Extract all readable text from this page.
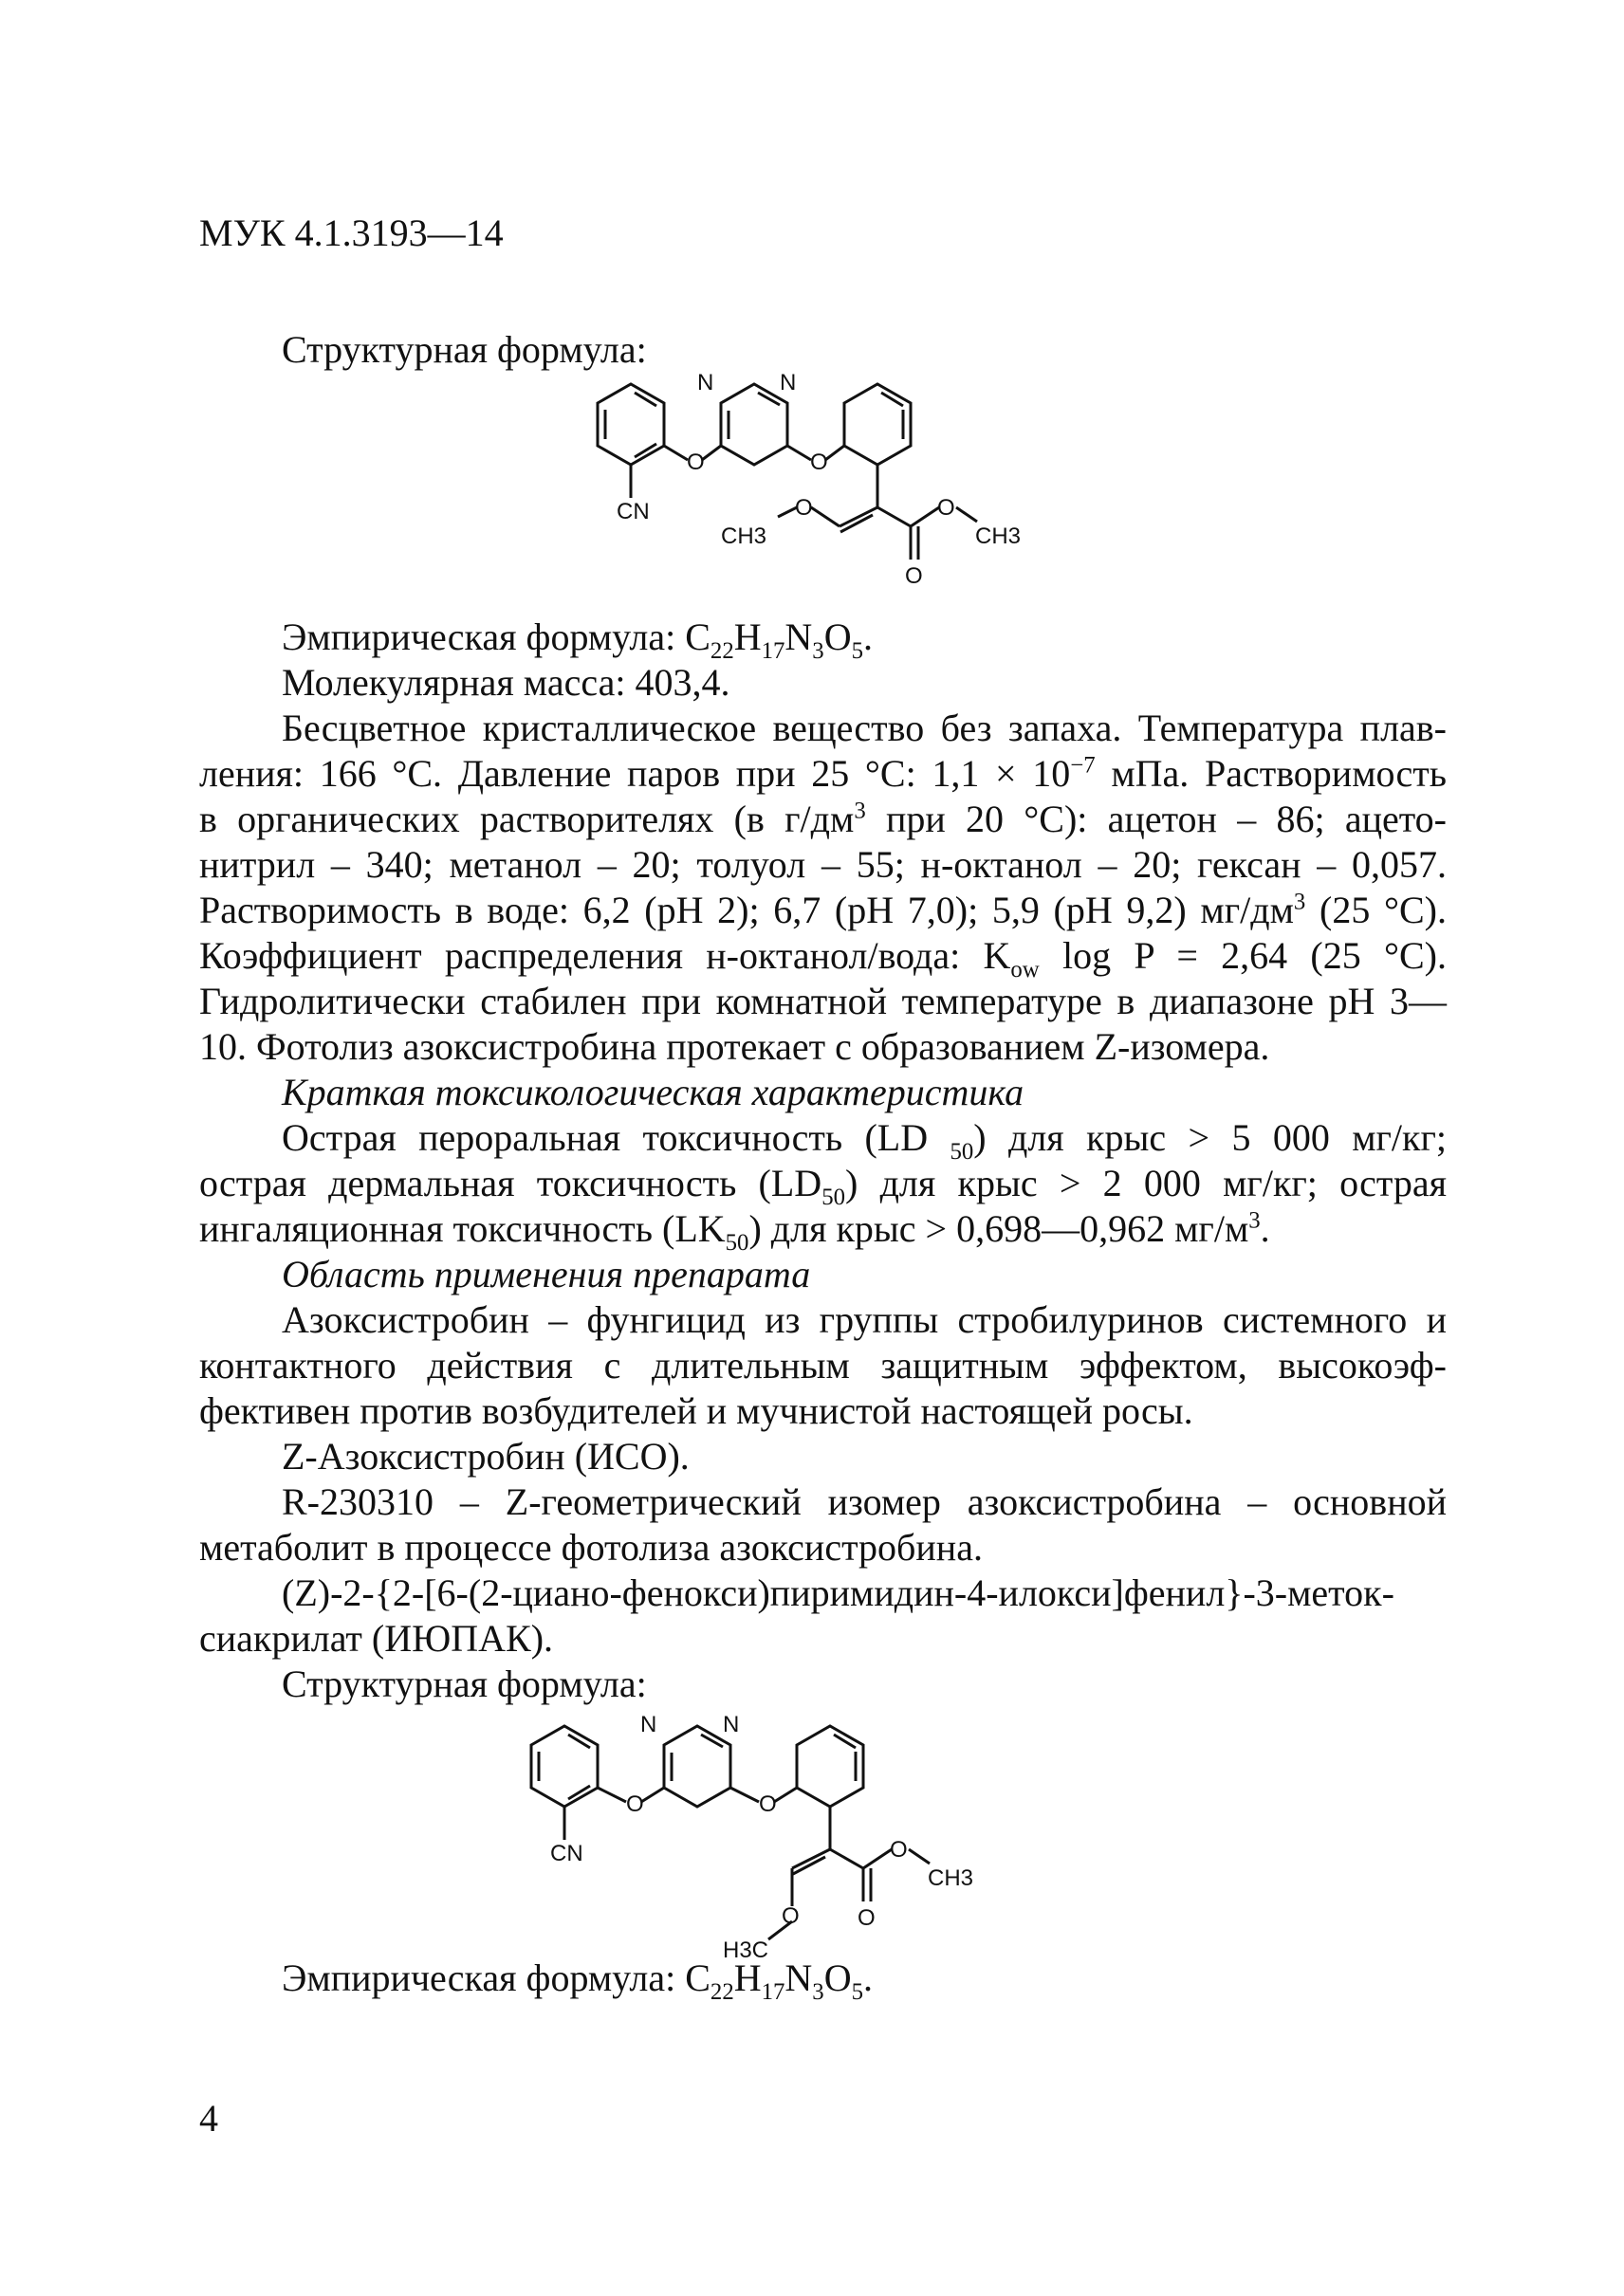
МУК 4.1.3193—14
Структурная формула:
N	N
O	O
CN
CH3
O	O
CH3
O
Эмпирическая формула: $C_{22}H_{17}N_3O_5$.
Молекулярная масса: 403,4.
Бесцветное кристаллическое вещество без запаха. Температура плав-
ления: 166 °С. Давление паров при 25 °С: $1,1 \times 10^{-7}$ мПа. Растворимость
в органических растворителях (в $г/дм^3$ при 20 °С): ацетон – 86; ацето-
нитрил – 340; метанол – 20; толуол – 55; н-октанол – 20; гексан – 0,057.
Растворимость в воде: 6,2 (pH 2); 6,7 (pH 7,0); 5,9 (pH 9,2) $мг/дм^3$ (25 °С).
Коэффициент распределения н-октанол/вода: $K_{ow}$ log P = 2,64 (25 °С).
Гидролитически стабилен при комнатной температуре в диапазоне pH 3—
10. Фотолиз азоксистробина протекает с образованием Z-изомера.
Краткая токсикологическая характеристика
Острая пероральная токсичность (LD $_{50}$) для крыс > 5 000 мг/кг;
острая дермальная токсичность $(LD_{50})$ для крыс > 2 000 мг/кг; острая
ингаляционная токсичность $(LK_{50})$ для крыс > 0,698—0,962 $мг/м^3$.
Область применения препарата
Азоксистробин – фунгицид из группы стробилуринов системного и
контактного действия с длительным защитным эффектом, высокоэф-
фективен против возбудителей и мучнистой настоящей росы.
Z-Азоксистробин (ИСО).
R-230310 – Z-геометрический изомер азоксистробина – основной
метаболит в процессе фотолиза азоксистробина.
(Z)-2-{2-[6-(2-циано-фенокси)пиримидин-4-илокси]фенил}-3-меток-
сиакрилат (ИЮПАК).
Структурная формула:
N	N
O	O
CN	O
CH3
O
H3C
O
Эмпирическая формула: $C_{22}H_{17}N_3O_5$.
4
